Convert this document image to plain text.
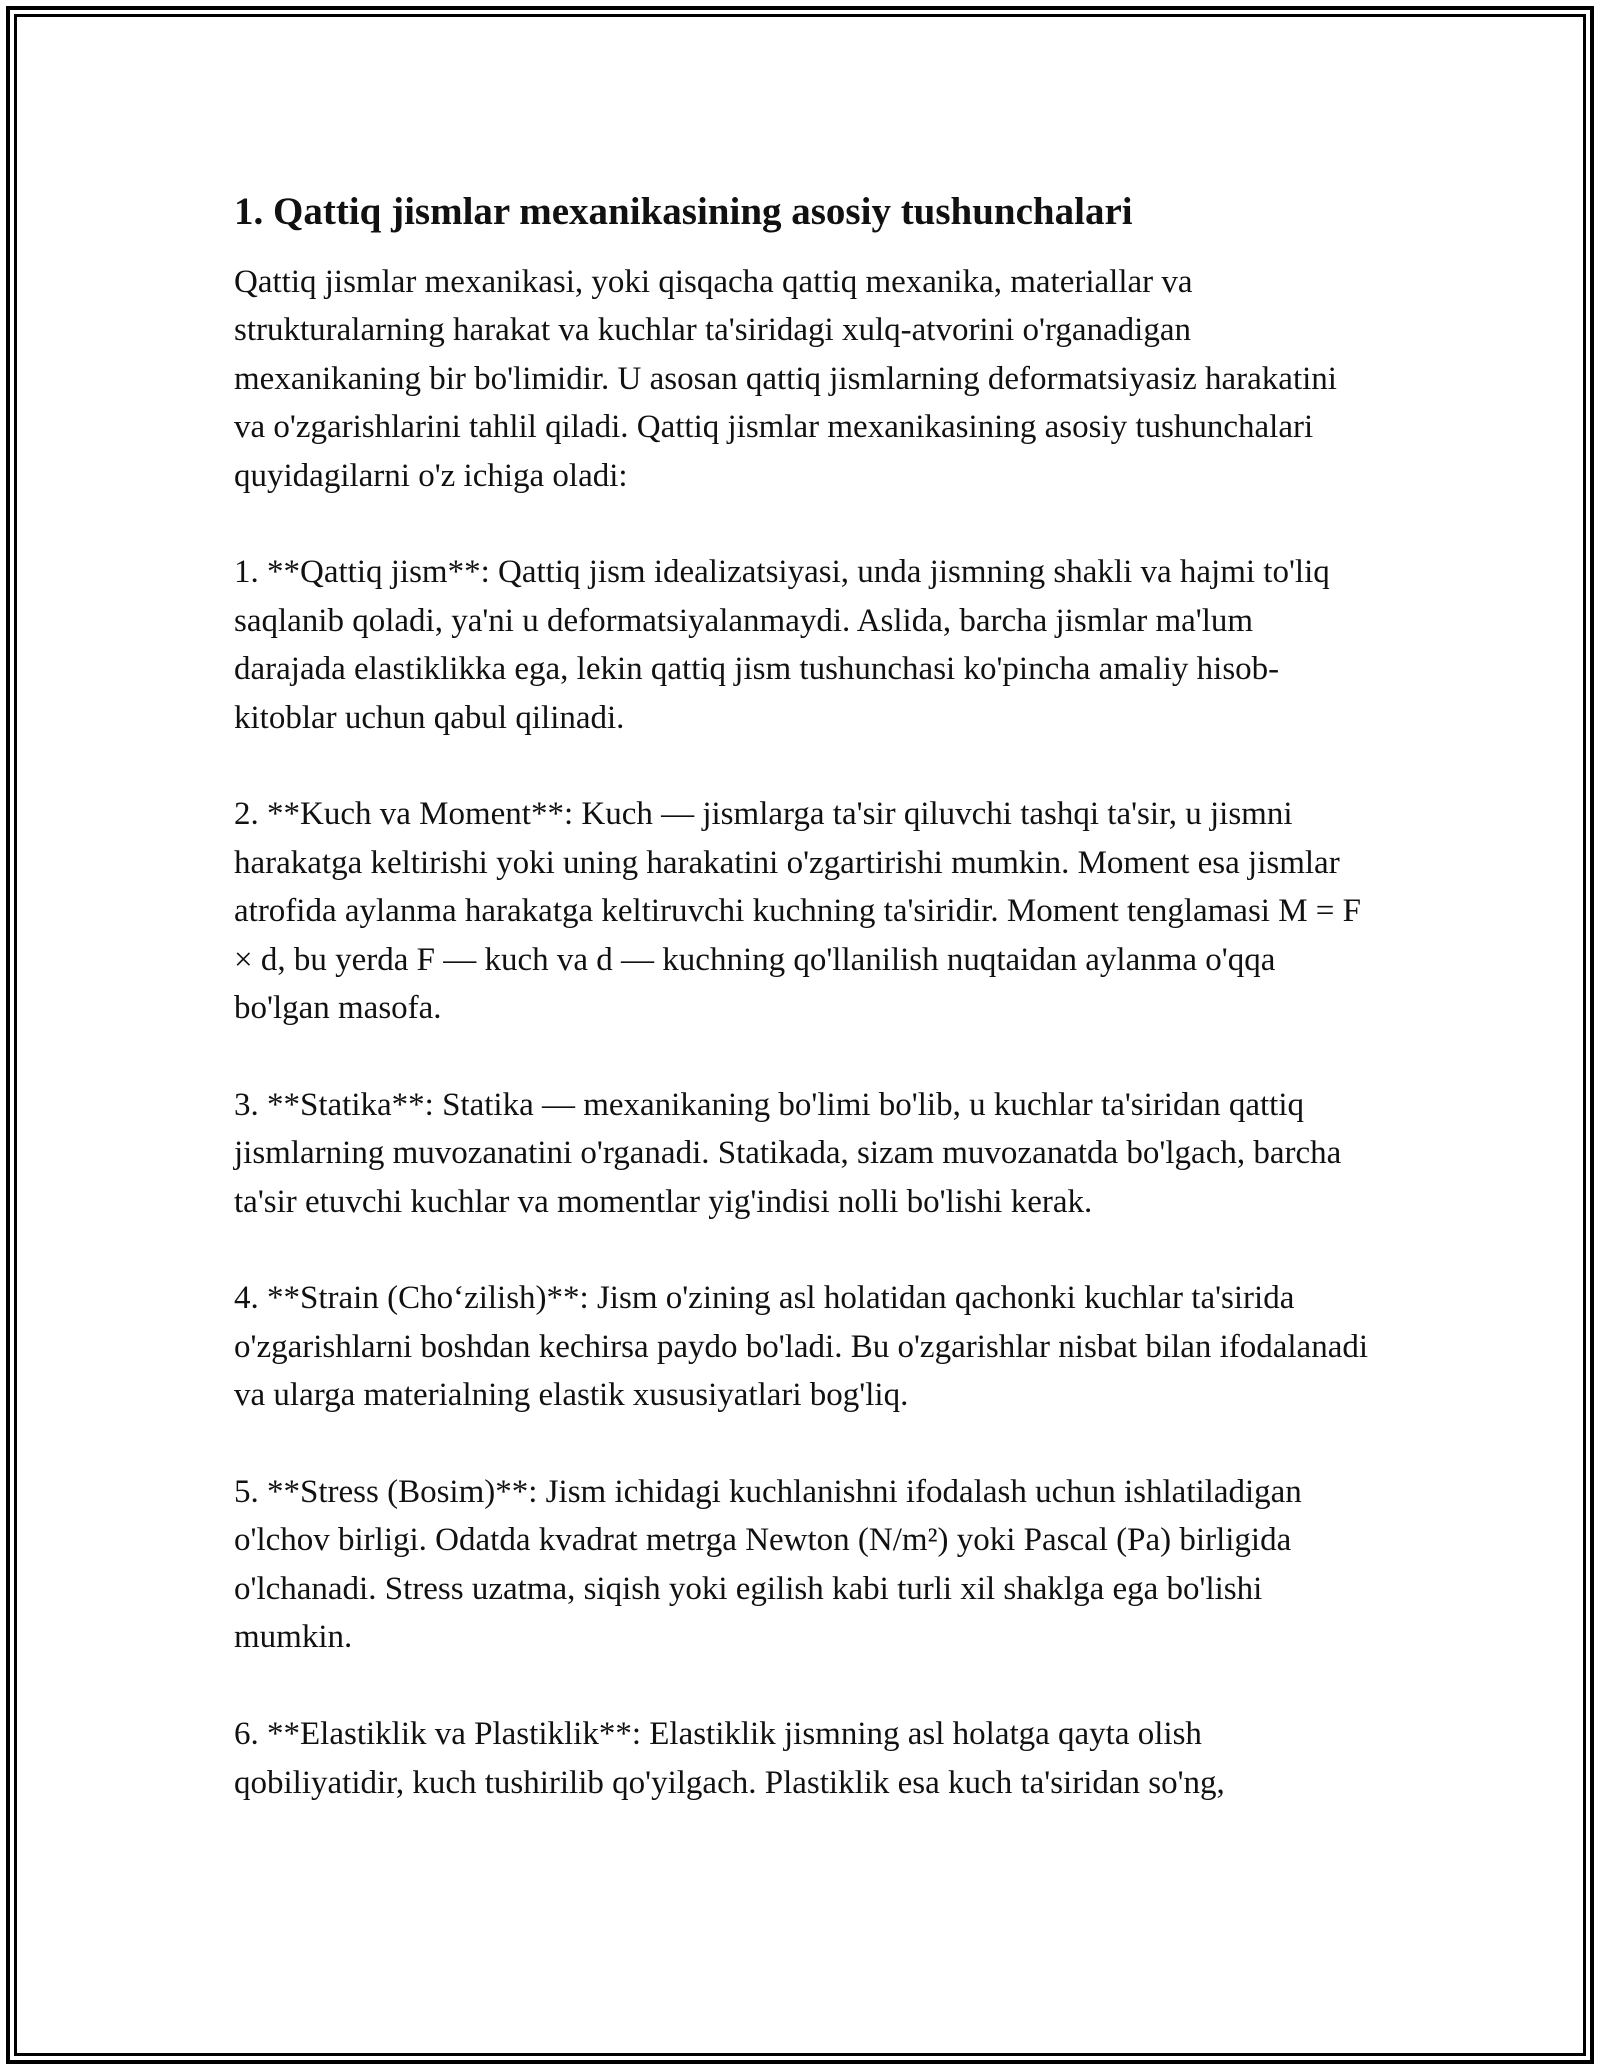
1. Qattiq jismlar mexanikasining asosiy tushunchalari

Qattiq jismlar mexanikasi, yoki qisqacha qattiq mexanika, materiallar va strukturalarning harakat va kuchlar ta'siridagi xulq-atvorini o'rganadigan mexanikaning bir bo'limidir. U asosan qattiq jismlarning deformatsiyasiz harakatini va o'zgarishlarini tahlil qiladi. Qattiq jismlar mexanikasining asosiy tushunchalari quyidagilarni o'z ichiga oladi:

1. **Qattiq jism**: Qattiq jism idealizatsiyasi, unda jismning shakli va hajmi to'liq saqlanib qoladi, ya'ni u deformatsiyalanmaydi. Aslida, barcha jismlar ma'lum darajada elastiklikka ega, lekin qattiq jism tushunchasi ko'pincha amaliy hisob-kitoblar uchun qabul qilinadi.

2. **Kuch va Moment**: Kuch — jismlarga ta'sir qiluvchi tashqi ta'sir, u jismni harakatga keltirishi yoki uning harakatini o'zgartirishi mumkin. Moment esa jismlar atrofida aylanma harakatga keltiruvchi kuchning ta'siridir. Moment tenglamasi M = F × d, bu yerda F — kuch va d — kuchning qo'llanilish nuqtaidan aylanma o'qqa bo'lgan masofa.

3. **Statika**: Statika — mexanikaning bo'limi bo'lib, u kuchlar ta'siridan qattiq jismlarning muvozanatini o'rganadi. Statikada, sizam muvozanatda bo'lgach, barcha ta'sir etuvchi kuchlar va momentlar yig'indisi nolli bo'lishi kerak.

4. **Strain (Cho‘zilish)**: Jism o'zining asl holatidan qachonki kuchlar ta'sirida o'zgarishlarni boshdan kechirsa paydo bo'ladi. Bu o'zgarishlar nisbat bilan ifodalanadi va ularga materialning elastik xususiyatlari bog'liq.

5. **Stress (Bosim)**: Jism ichidagi kuchlanishni ifodalash uchun ishlatiladigan o'lchov birligi. Odatda kvadrat metrga Newton (N/m²) yoki Pascal (Pa) birligida o'lchanadi. Stress uzatma, siqish yoki egilish kabi turli xil shaklga ega bo'lishi mumkin.

6. **Elastiklik va Plastiklik**: Elastiklik jismning asl holatga qayta olish qobiliyatidir, kuch tushirilib qo'yilgach. Plastiklik esa kuch ta'siridan so'ng,
